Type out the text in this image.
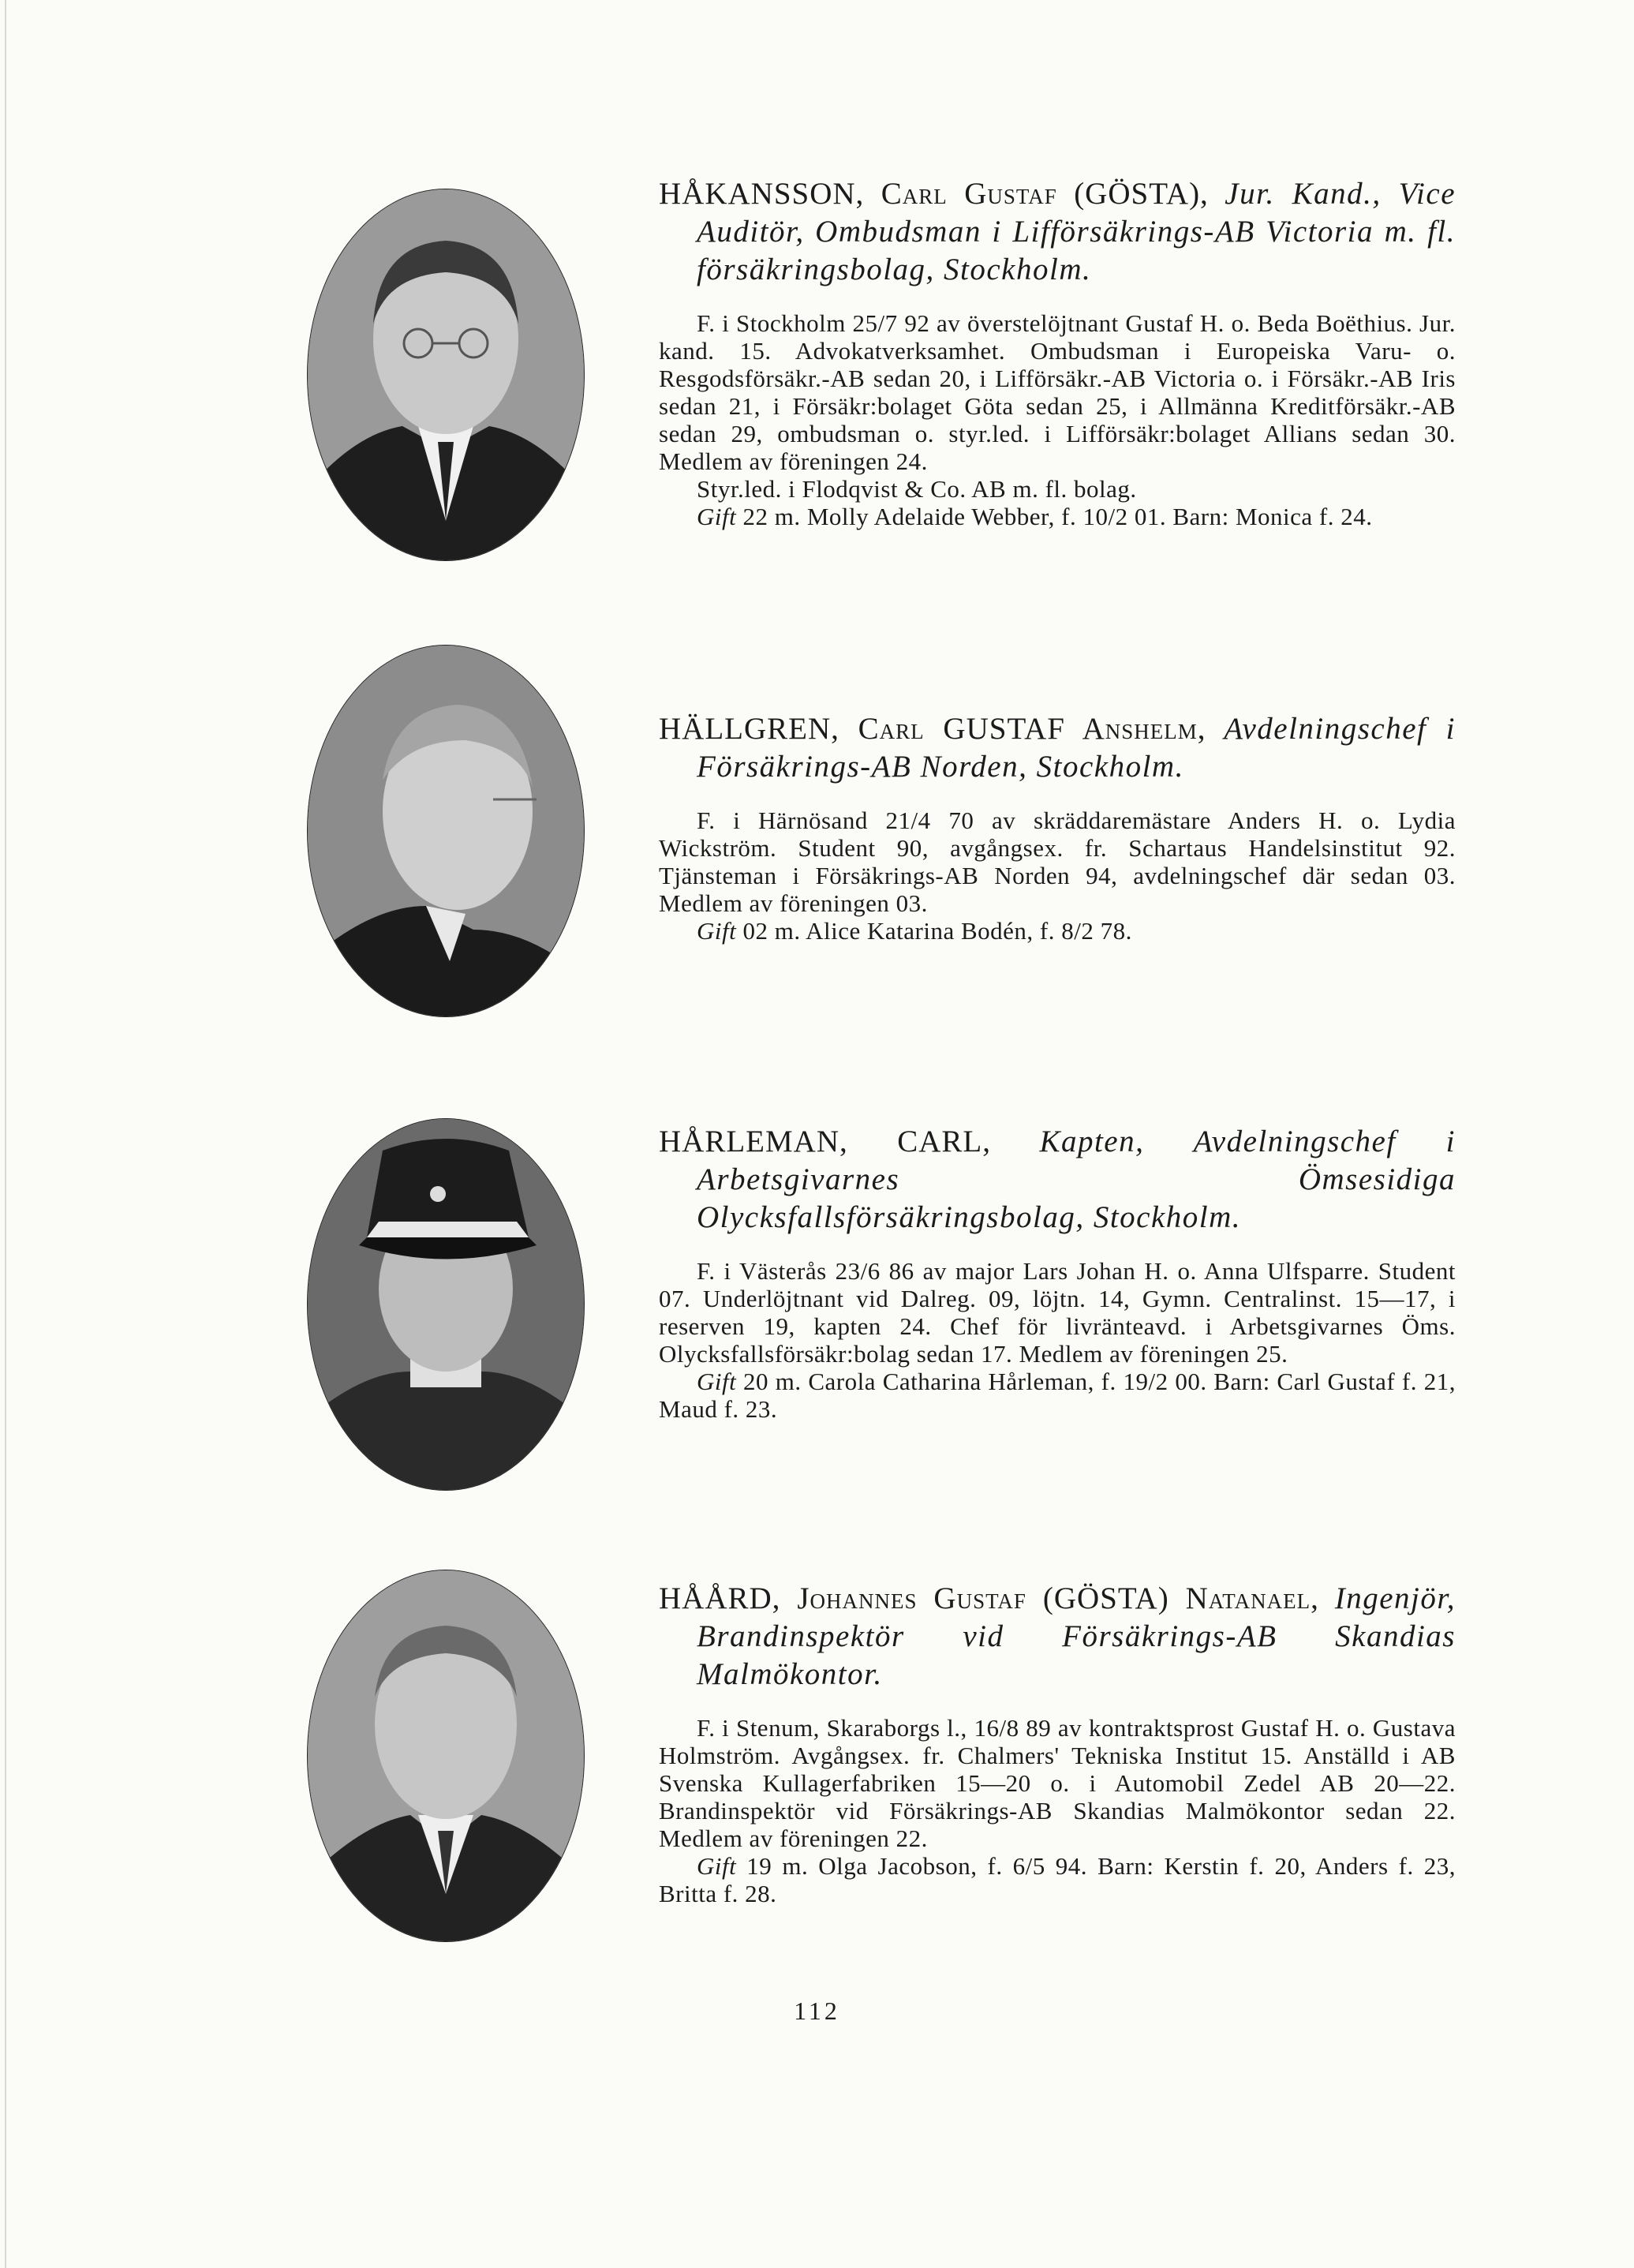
HÅKANSSON, Carl Gustaf (GÖSTA), Jur. Kand., Vice Auditör, Ombudsman i Lifförsäkrings-AB Victoria m. fl. försäkringsbolag, Stockholm.

F. i Stockholm 25/7 92 av överstelöjtnant Gustaf H. o. Beda Boëthius. Jur. kand. 15. Advokatverksamhet. Ombudsman i Europeiska Varu- o. Resgodsförsäkr.-AB sedan 20, i Lifförsäkr.-AB Victoria o. i Försäkr.-AB Iris sedan 21, i Försäkr:bolaget Göta sedan 25, i Allmänna Kreditförsäkr.-AB sedan 29, ombudsman o. styr.led. i Lifförsäkr:bolaget Allians sedan 30. Medlem av föreningen 24.

Styr.led. i Flodqvist & Co. AB m. fl. bolag.

Gift 22 m. Molly Adelaide Webber, f. 10/2 01. Barn: Monica f. 24.

HÄLLGREN, Carl GUSTAF Anshelm, Avdelningschef i Försäkrings-AB Norden, Stockholm.

F. i Härnösand 21/4 70 av skräddaremästare Anders H. o. Lydia Wickström. Student 90, avgångsex. fr. Schartaus Handelsinstitut 92. Tjänsteman i Försäkrings-AB Norden 94, avdelningschef där sedan 03. Medlem av föreningen 03.

Gift 02 m. Alice Katarina Bodén, f. 8/2 78.

HÅRLEMAN, CARL, Kapten, Avdelningschef i Arbetsgivarnes Ömsesidiga Olycksfallsförsäkringsbolag, Stockholm.

F. i Västerås 23/6 86 av major Lars Johan H. o. Anna Ulfsparre. Student 07. Underlöjtnant vid Dalreg. 09, löjtn. 14, Gymn. Centralinst. 15—17, i reserven 19, kapten 24. Chef för livränteavd. i Arbetsgivarnes Öms. Olycksfallsförsäkr:bolag sedan 17. Medlem av föreningen 25.

Gift 20 m. Carola Catharina Hårleman, f. 19/2 00. Barn: Carl Gustaf f. 21, Maud f. 23.

HÅÅRD, Johannes Gustaf (GÖSTA) Natanael, Ingenjör, Brandinspektör vid Försäkrings-AB Skandias Malmökontor.

F. i Stenum, Skaraborgs l., 16/8 89 av kontraktsprost Gustaf H. o. Gustava Holmström. Avgångsex. fr. Chalmers' Tekniska Institut 15. Anställd i AB Svenska Kullagerfabriken 15—20 o. i Automobil Zedel AB 20—22. Brandinspektör vid Försäkrings-AB Skandias Malmökontor sedan 22. Medlem av föreningen 22.

Gift 19 m. Olga Jacobson, f. 6/5 94. Barn: Kerstin f. 20, Anders f. 23, Britta f. 28.

112
